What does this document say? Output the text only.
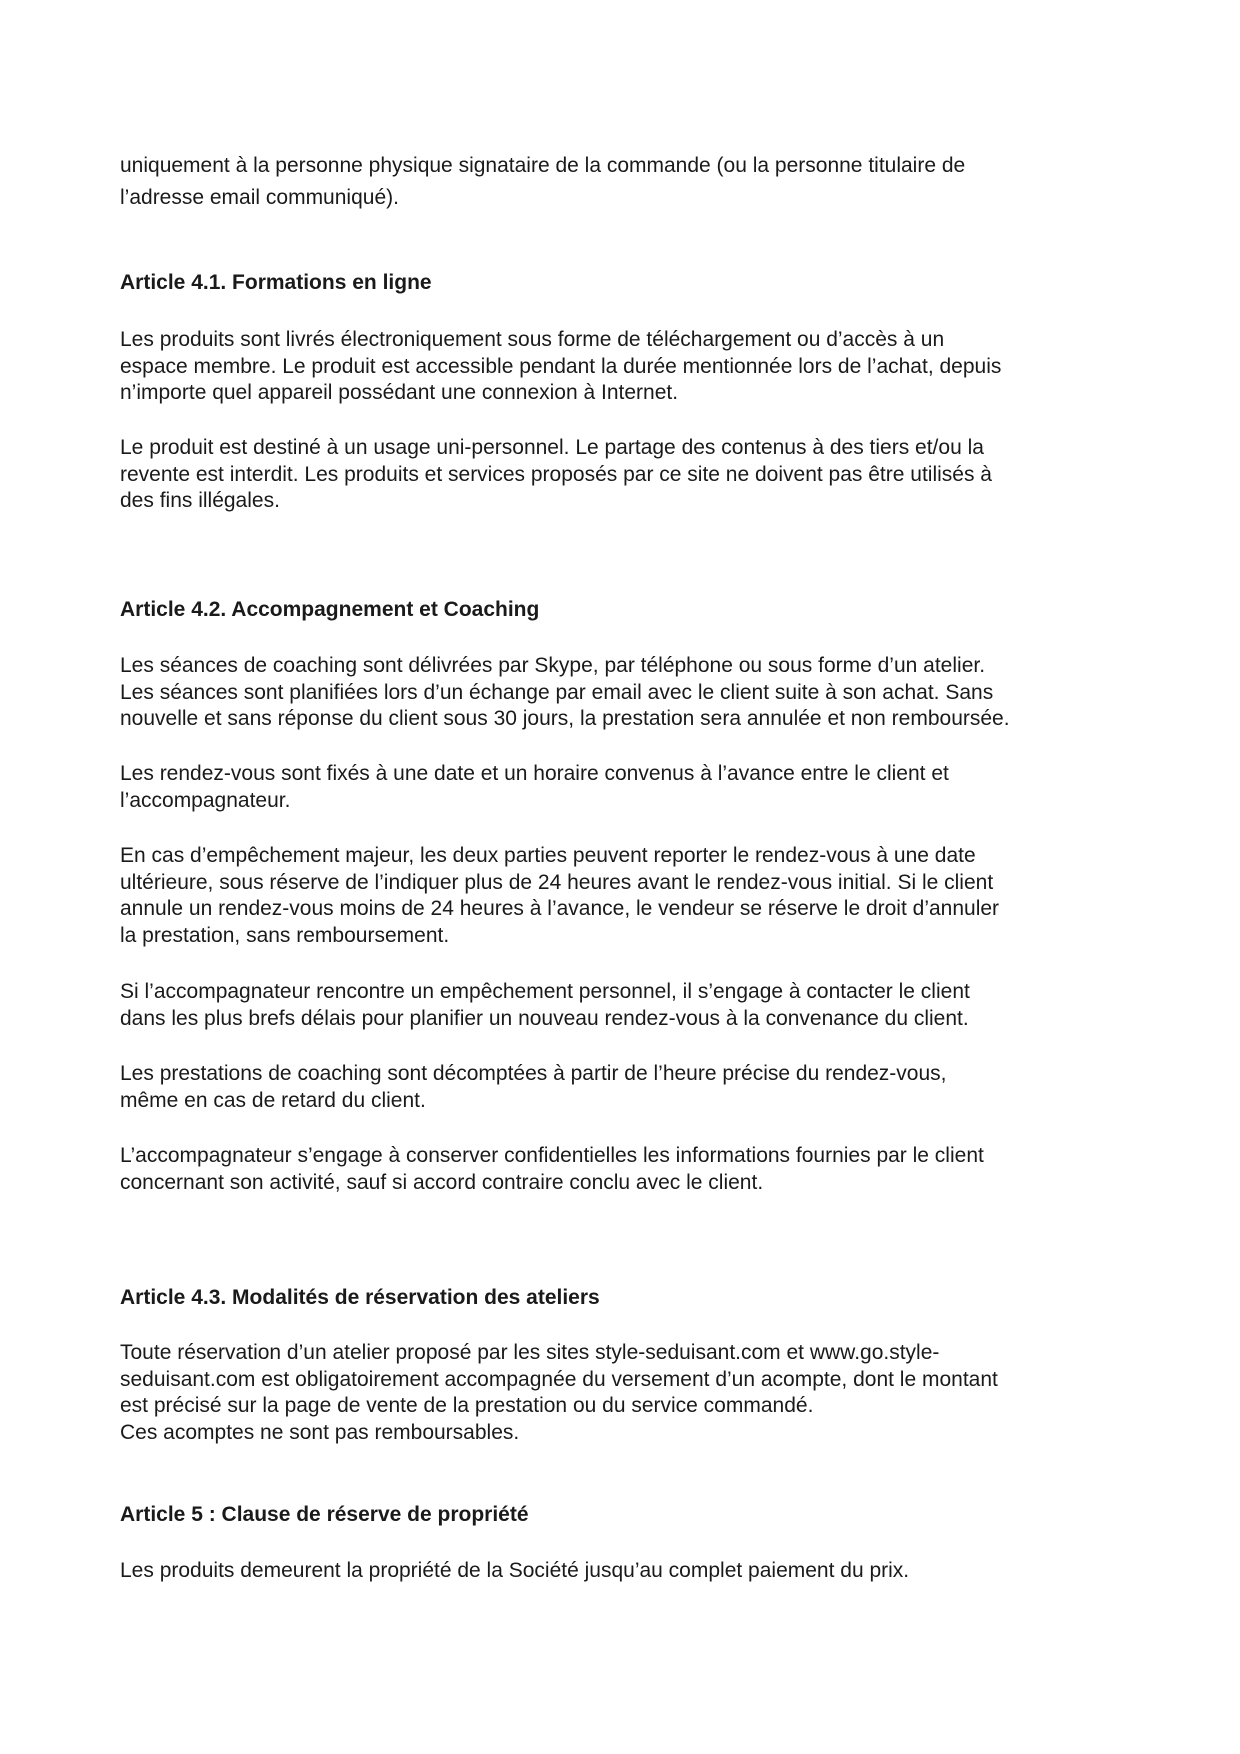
uniquement à la personne physique signataire de la commande (ou la personne titulaire de
l’adresse email communiqué).

Article 4.1. Formations en ligne

Les produits sont livrés électroniquement sous forme de téléchargement ou d’accès à un
espace membre. Le produit est accessible pendant la durée mentionnée lors de l’achat, depuis
n’importe quel appareil possédant une connexion à Internet.

Le produit est destiné à un usage uni-personnel. Le partage des contenus à des tiers et/ou la
revente est interdit. Les produits et services proposés par ce site ne doivent pas être utilisés à
des fins illégales.

Article 4.2. Accompagnement et Coaching

Les séances de coaching sont délivrées par Skype, par téléphone ou sous forme d’un atelier.
Les séances sont planifiées lors d’un échange par email avec le client suite à son achat. Sans
nouvelle et sans réponse du client sous 30 jours, la prestation sera annulée et non remboursée.

Les rendez-vous sont fixés à une date et un horaire convenus à l’avance entre le client et
l’accompagnateur.

En cas d’empêchement majeur, les deux parties peuvent reporter le rendez-vous à une date
ultérieure, sous réserve de l’indiquer plus de 24 heures avant le rendez-vous initial. Si le client
annule un rendez-vous moins de 24 heures à l’avance, le vendeur se réserve le droit d’annuler
la prestation, sans remboursement.

Si l’accompagnateur rencontre un empêchement personnel, il s’engage à contacter le client
dans les plus brefs délais pour planifier un nouveau rendez-vous à la convenance du client.

Les prestations de coaching sont décomptées à partir de l’heure précise du rendez-vous,
même en cas de retard du client.

L’accompagnateur s’engage à conserver confidentielles les informations fournies par le client
concernant son activité, sauf si accord contraire conclu avec le client.

Article 4.3. Modalités de réservation des ateliers

Toute réservation d’un atelier proposé par les sites style-seduisant.com et www.go.style-
seduisant.com est obligatoirement accompagnée du versement d’un acompte, dont le montant
est précisé sur la page de vente de la prestation ou du service commandé.
Ces acomptes ne sont pas remboursables.

Article 5 : Clause de réserve de propriété

Les produits demeurent la propriété de la Société jusqu’au complet paiement du prix.
